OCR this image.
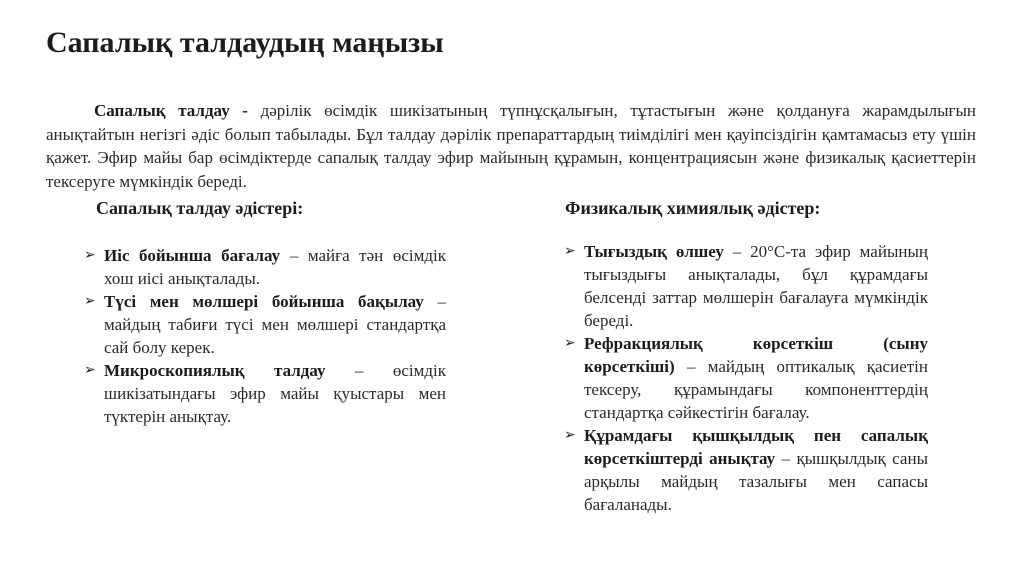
Сапалық талдаудың маңызы

Сапалық талдау - дәрілік өсімдік шикізатының түпнұсқалығын, тұтастығын және қолдануға жарамдылығын анықтайтын негізгі әдіс болып табылады. Бұл талдау дәрілік препараттардың тиімділігі мен қауіпсіздігін қамтамасыз ету үшін қажет. Эфир майы бар өсімдіктерде сапалық талдау эфир майының құрамын, концентрациясын және физикалық қасиеттерін тексеруге мүмкіндік береді.

Сапалық талдау әдістері:	Физикалық химиялық әдістер:
➢ Иіс бойынша бағалау – майға тән өсімдік хош иісі анықталады.
➢ Түсі мен мөлшері бойынша бақылау – майдың табиғи түсі мен мөлшері стандартқа сай болу керек.
➢ Микроскопиялық талдау – өсімдік шикізатындағы эфир майы қуыстары мен түктерін анықтау.
➢ Тығыздық өлшеу – 20°C-та эфир майының тығыздығы анықталады, бұл құрамдағы белсенді заттар мөлшерін бағалауға мүмкіндік береді.
➢ Рефракциялық көрсеткіш (сыну көрсеткіші) – майдың оптикалық қасиетін тексеру, құрамындағы компоненттердің стандартқа сәйкестігін бағалау.
➢ Құрамдағы қышқылдық пен сапалық көрсеткіштерді анықтау – қышқылдық саны арқылы майдың тазалығы мен сапасы бағаланады.
